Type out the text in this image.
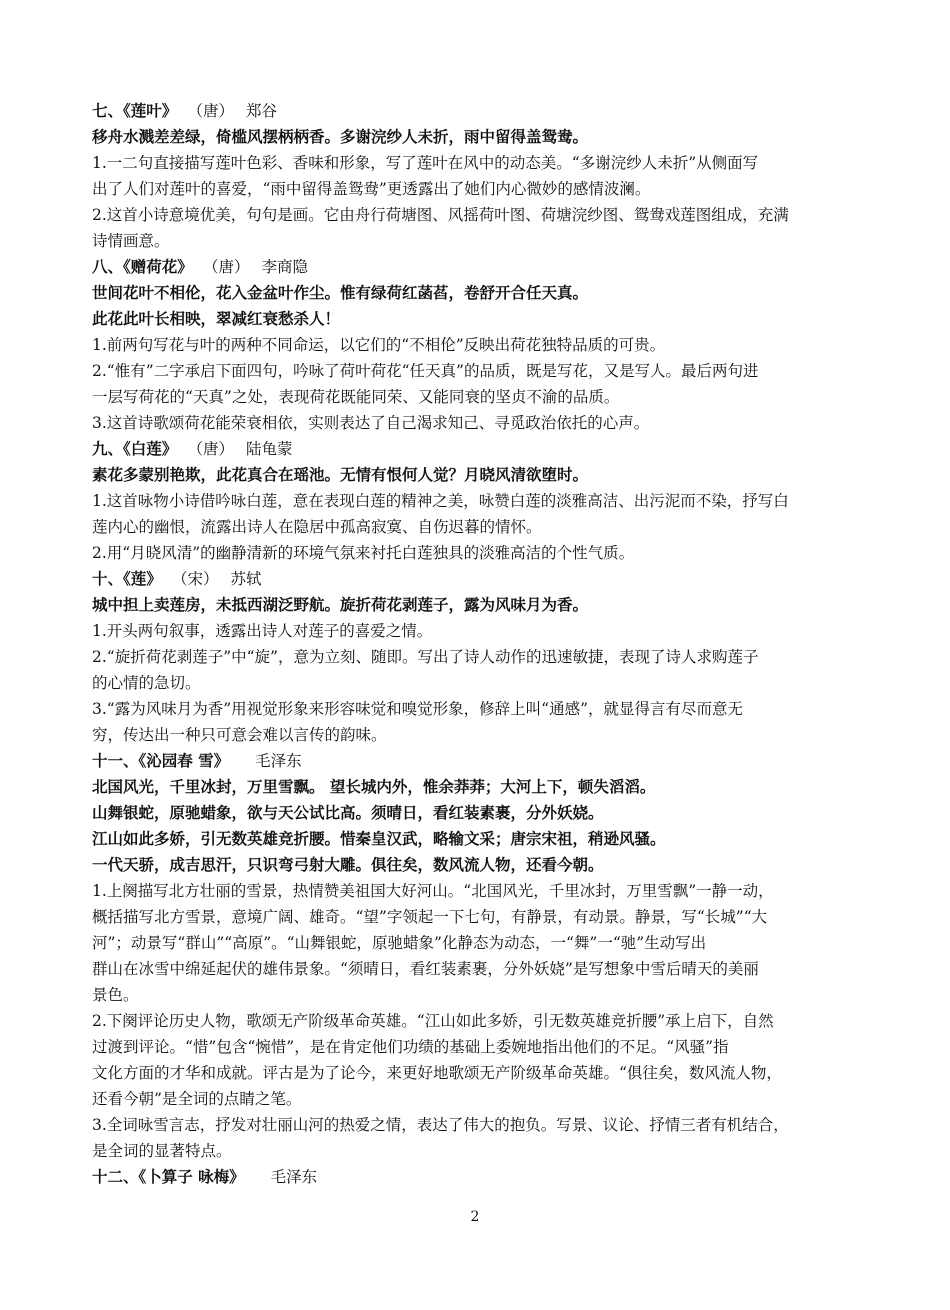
七、《莲叶》 （唐） 郑谷
移舟水溅差差绿，倚槛风摆柄柄香。多谢浣纱人未折，雨中留得盖鸳鸯。
1.一二句直接描写莲叶色彩、香味和形象，写了莲叶在风中的动态美。“多谢浣纱人未折”从侧面写
出了人们对莲叶的喜爱，“雨中留得盖鸳鸯”更透露出了她们内心微妙的感情波澜。
2.这首小诗意境优美，句句是画。它由舟行荷塘图、风摇荷叶图、荷塘浣纱图、鸳鸯戏莲图组成，充满
诗情画意。
八、《赠荷花》 （唐） 李商隐
世间花叶不相伦，花入金盆叶作尘。惟有绿荷红菡萏，卷舒开合任天真。
此花此叶长相映，翠减红衰愁杀人！
1.前两句写花与叶的两种不同命运，以它们的“不相伦”反映出荷花独特品质的可贵。
2.“惟有”二字承启下面四句，吟咏了荷叶荷花“任天真”的品质，既是写花，又是写人。最后两句进
一层写荷花的“天真”之处，表现荷花既能同荣、又能同衰的坚贞不渝的品质。
3.这首诗歌颂荷花能荣衰相依，实则表达了自己渴求知己、寻觅政治依托的心声。
九、《白莲》 （唐） 陆龟蒙
素花多蒙别艳欺，此花真合在瑶池。无情有恨何人觉？月晓风清欲堕时。
1.这首咏物小诗借吟咏白莲，意在表现白莲的精神之美，咏赞白莲的淡雅高洁、出污泥而不染，抒写白
莲内心的幽恨，流露出诗人在隐居中孤高寂寞、自伤迟暮的情怀。
2.用“月晓风清”的幽静清新的环境气氛来衬托白莲独具的淡雅高洁的个性气质。
十、《莲》 （宋） 苏轼
城中担上卖莲房，未抵西湖泛野航。旋折荷花剥莲子，露为风味月为香。
1.开头两句叙事，透露出诗人对莲子的喜爱之情。
2.“旋折荷花剥莲子”中“旋”，意为立刻、随即。写出了诗人动作的迅速敏捷，表现了诗人求购莲子
的心情的急切。
3.“露为风味月为香”用视觉形象来形容味觉和嗅觉形象，修辞上叫“通感”，就显得言有尽而意无
穷，传达出一种只可意会难以言传的韵味。
十一、《沁园春 雪》 毛泽东
北国风光，千里冰封，万里雪飘。 望长城内外，惟余莽莽；大河上下，顿失滔滔。
山舞银蛇，原驰蜡象，欲与天公试比高。须晴日，看红装素裹，分外妖娆。
江山如此多娇，引无数英雄竞折腰。惜秦皇汉武，略输文采；唐宗宋祖，稍逊风骚。
一代天骄，成吉思汗，只识弯弓射大雕。俱往矣，数风流人物，还看今朝。
1.上阕描写北方壮丽的雪景，热情赞美祖国大好河山。“北国风光，千里冰封，万里雪飘”一静一动，
概括描写北方雪景，意境广阔、雄奇。“望”字领起一下七句，有静景，有动景。静景，写“长城”“大
河”；动景写“群山”“高原”。“山舞银蛇，原驰蜡象”化静态为动态，一“舞”一“驰”生动写出
群山在冰雪中绵延起伏的雄伟景象。“须晴日，看红装素裹，分外妖娆”是写想象中雪后晴天的美丽
景色。
2.下阕评论历史人物，歌颂无产阶级革命英雄。“江山如此多娇，引无数英雄竞折腰”承上启下，自然
过渡到评论。“惜”包含“惋惜”，是在肯定他们功绩的基础上委婉地指出他们的不足。“风骚”指
文化方面的才华和成就。评古是为了论今，来更好地歌颂无产阶级革命英雄。“俱往矣，数风流人物，
还看今朝”是全词的点睛之笔。
3.全词咏雪言志，抒发对壮丽山河的热爱之情，表达了伟大的抱负。写景、议论、抒情三者有机结合，
是全词的显著特点。
十二、《卜算子 咏梅》 毛泽东
2
